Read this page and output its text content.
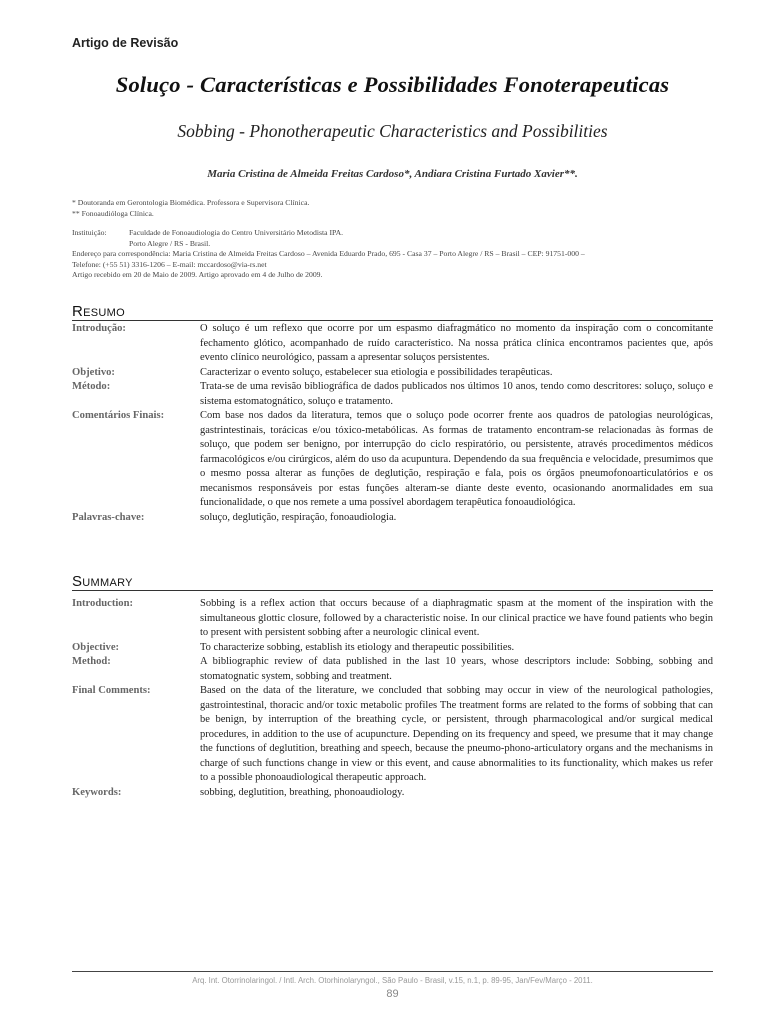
Artigo de Revisão
Soluço - Características e Possibilidades Fonoterapeuticas
Sobbing - Phonotherapeutic Characteristics and Possibilities
Maria Cristina de Almeida Freitas Cardoso*, Andiara Cristina Furtado Xavier**.
* Doutoranda em Gerontologia Biomédica. Professora e Supervisora Clínica.
** Fonoaudióloga Clínica.
Instituição:	Faculdade de Fonoaudiologia do Centro Universitário Metodista IPA.
Porto Alegre / RS - Brasil.
Endereço para correspondência: Maria Cristina de Almeida Freitas Cardoso – Avenida Eduardo Prado, 695 - Casa 37 – Porto Alegre / RS – Brasil – CEP: 91751-000 –
Telefone: (+55 51) 3316-1206 – E-mail: mccardoso@via-rs.net
Artigo recebido em 20 de Maio de 2009. Artigo aprovado em 4 de Julho de 2009.
Resumo
Introdução:	O soluço é um reflexo que ocorre por um espasmo diafragmático no momento da inspiração com o concomitante fechamento glótico, acompanhado de ruído característico. Na nossa prática clínica encontramos pacientes que, após evento clínico neurológico, passam a apresentar soluços persistentes.
Objetivo:	Caracterizar o evento soluço, estabelecer sua etiologia e possibilidades terapêuticas.
Método:	Trata-se de uma revisão bibliográfica de dados publicados nos últimos 10 anos, tendo como descritores: soluço, soluço e sistema estomatognático, soluço e tratamento.
Comentários Finais:	Com base nos dados da literatura, temos que o soluço pode ocorrer frente aos quadros de patologias neurológicas, gastrintestinais, torácicas e/ou tóxico-metabólicas. As formas de tratamento encontram-se relacionadas às formas de soluço, que podem ser benigno, por interrupção do ciclo respiratório, ou persistente, através procedimentos médicos farmacológicos e/ou cirúrgicos, além do uso da acupuntura. Dependendo da sua frequência e velocidade, presumimos que o mesmo possa alterar as funções de deglutição, respiração e fala, pois os órgãos pneumofonoarticulatórios e os mecanismos responsáveis por estas funções alteram-se diante deste evento, ocasionando anormalidades em sua funcionalidade, o que nos remete a uma possível abordagem terapêutica fonoaudiológica.
Palavras-chave:	soluço, deglutição, respiração, fonoaudiologia.
Summary
Introduction:	Sobbing is a reflex action that occurs because of a diaphragmatic spasm at the moment of the inspiration with the simultaneous glottic closure, followed by a characteristic noise. In our clinical practice we have found patients who begin to present with persistent sobbing after a neurologic clinical event.
Objective:	To characterize sobbing, establish its etiology and therapeutic possibilities.
Method:	A bibliographic review of data published in the last 10 years, whose descriptors include: Sobbing, sobbing and stomatognatic system, sobbing and treatment.
Final Comments:	Based on the data of the literature, we concluded that sobbing may occur in view of the neurological pathologies, gastrointestinal, thoracic and/or toxic metabolic profiles The treatment forms are related to the forms of sobbing that can be benign, by interruption of the breathing cycle, or persistent, through pharmacological and/or surgical medical procedures, in addition to the use of acupuncture. Depending on its frequency and speed, we presume that it may change the functions of deglutition, breathing and speech, because the pneumo-phono-articulatory organs and the mechanisms in charge of such functions change in view or this event, and cause abnormalities to its functionality, which makes us refer to a possible phonoaudiological therapeutic approach.
Keywords:	sobbing, deglutition, breathing, phonoaudiology.
Arq. Int. Otorrinolaringol. / Intl. Arch. Otorhinolaryngol., São Paulo - Brasil, v.15, n.1, p. 89-95, Jan/Fev/Março - 2011.
89
